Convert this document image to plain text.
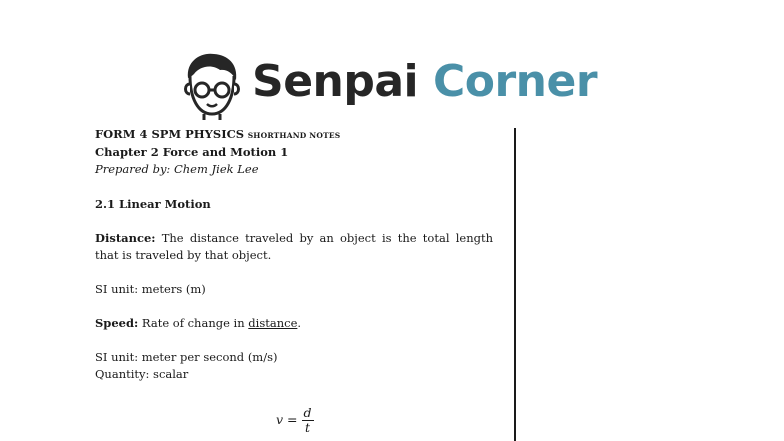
Senpai Corner

FORM 4 SPM PHYSICS SHORTHAND NOTES

Chapter 2 Force and Motion 1

Prepared by: Chem Jiek Lee

2.1 Linear Motion

Distance: The distance traveled by an object is the total length that is traveled by that object.

SI unit: meters (m)

Speed: Rate of change in distance.

SI unit: meter per second (m/s)

Quantity: scalar

$v = \frac{d}{t}$
